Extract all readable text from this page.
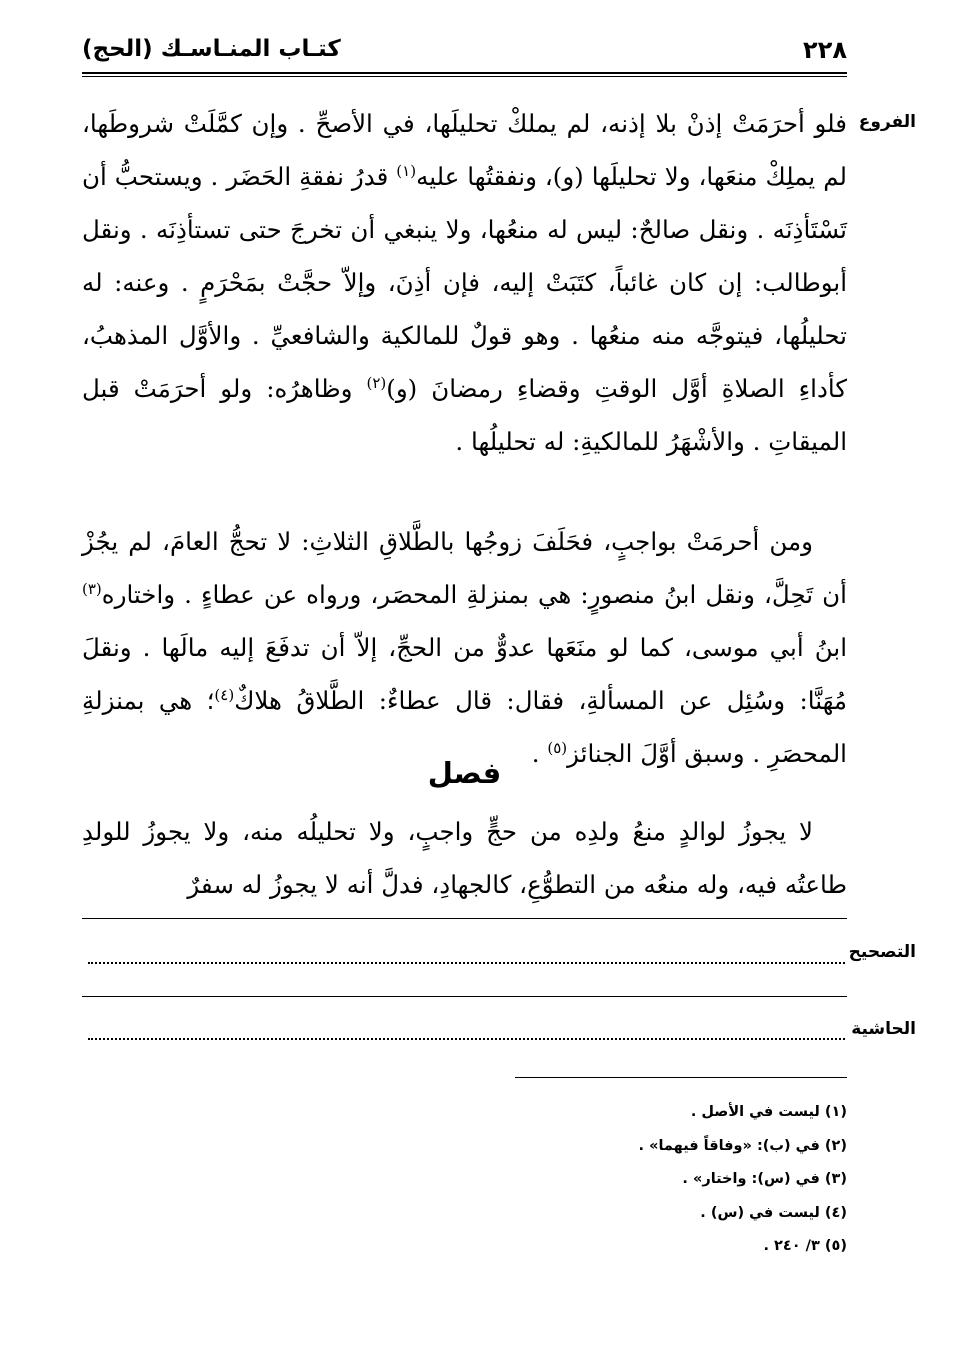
٢٢٨
كتـاب المنـاسـك (الحج)
الفروع

فلو أحرَمَتْ إذنْ بلا إذنه، لم يملكْ تحليلَها، في الأصحِّ . وإن كمَّلَتْ شروطَها، لم يملِكْ منعَها، ولا تحليلَها (و)، ونفقتُها عليه$^{(١)}$ قدرُ نفقةِ الحَضَر . ويستحبُّ أن تَسْتَأذِنَه . ونقل صالحٌ: ليس له منعُها، ولا ينبغي أن تخرجَ حتى تستأذِنَه . ونقل أبوطالب: إن كان غائباً، كتَبَتْ إليه، فإن أذِنَ، وإلاّ حجَّتْ بمَحْرَمٍ . وعنه: له تحليلُها، فيتوجَّه منه منعُها . وهو قولٌ للمالكية والشافعيِّ . والأوَّل المذهبُ، كأداءِ الصلاةِ أوَّل الوقتِ وقضاءِ رمضانَ (و)$^{(٢)}$ وظاهرُه: ولو أحرَمَتْ قبل الميقاتِ . والأشْهَرُ للمالكيةِ: له تحليلُها .

ومن أحرمَتْ بواجبٍ، فحَلَفَ زوجُها بالطَّلاقِ الثلاثِ: لا تحجُّ العامَ، لم يجُزْ أن تَحِلَّ، ونقل ابنُ منصورٍ: هي بمنزلةِ المحصَر، ورواه عن عطاءٍ . واختاره$^{(٣)}$ ابنُ أبي موسى، كما لو منَعَها عدوٌّ من الحجِّ، إلاّ أن تدفَعَ إليه مالَها . ونقلَ مُهَنَّا: وسُئِل عن المسألةِ، فقال: قال عطاءٌ: الطَّلاقُ هلاكٌ$^{(٤)}$؛ هي بمنزلةِ المحصَرِ . وسبق أوَّلَ الجنائز$^{(٥)}$ .

فصل

لا يجوزُ لوالدٍ منعُ ولدِه من حجٍّ واجبٍ، ولا تحليلُه منه، ولا يجوزُ للولدِ طاعتُه فيه، وله منعُه من التطوُّعِ، كالجهادِ، فدلَّ أنه لا يجوزُ له سفرٌ

التصحيح
الحاشية
(١) ليست في الأصل .
(٢) في (ب): «وفاقاً فيهما» .
(٣) في (س): واختار» .
(٤) ليست في (س) .
(٥) ٣/ ٢٤٠ .
